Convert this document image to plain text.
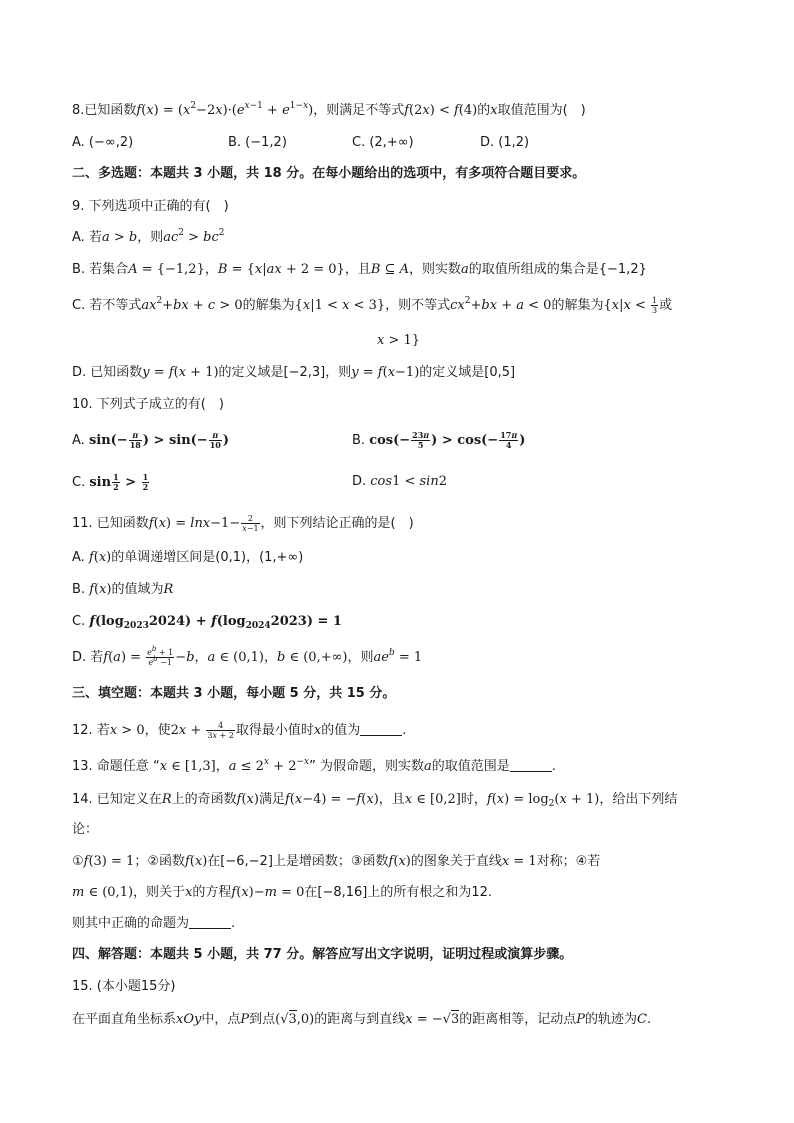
8.已知函数$f(x) = (x^2-2x)\cdot(e^{x-1} + e^{1-x})$，则满足不等式f(2x) < f(4)的x取值范围为(　)
A. (−∞,2)	B. (−1,2)	C. (2,+∞)	D. (1,2)
二、多选题：本题共 3 小题，共 18 分。在每小题给出的选项中，有多项符合题目要求。
9. 下列选项中正确的有(　)
A. 若a > b，则$ac^2 > bc^2$
B. 若集合A = {−1,2}，B = {x|ax + 2 = 0}，且B ⊆ A，则实数a的取值所组成的集合是{−1,2}
C. 若不等式$ax^2+bx + c > 0$的解集为{x|1 < x < 3}，则不等式$cx^2+bx + a < 0$的解集为{$x|x < \frac{1}{3}$ 或
x > 1}
D. 已知函数y = f(x + 1)的定义域是[−2,3]，则y = f(x−1)的定义域是[0,5]
10. 下列式子成立的有(　)
A. $\sin(- \frac{\pi}{18}$ ) > $\sin(- \frac{\pi}{10}$ )	B. $\cos(- \frac{23\pi}{5}$ ) > $\cos(- \frac{17\pi}{4}$ )
C. $\sin \frac{1}{2} > \frac{1}{2}$	D. cos1 < sin2
11. 已知函数$f(x) = \ln x-1- \frac{2}{x-1}$ ，则下列结论正确的是(　)
A. f(x)的单调递增区间是(0,1)，(1,+∞)
B. f(x)的值域为R
C. $f(\log_{2023}2024) + f(\log_{2024}2023) = 1$
D. 若$f(a) = \frac{e^b + 1}{e^b -1} -b$，a ∈ (0,1)，b ∈ (0,+∞)，则$ae^b = 1$
三、填空题：本题共 3 小题，每小题 5 分，共 15 分。
12. 若x > 0，使$2x + \frac{4}{3x + 2}$ 取得最小值时x的值为	.
13. 命题任意 “x ∈ [1,3]，$a \le 2^x + 2^{-x}$” 为假命题，则实数a的取值范围是	.
14. 已知定义在R上的奇函数f(x)满足f(x−4) = −f(x)，且x ∈ [0,2]时，$f(x) = \log_2(x + 1)$，给出下列结
论：
①f(3) = 1；②函数f(x)在[−6,−2]上是增函数；③函数f(x)的图象关于直线x = 1对称；④若
m ∈ (0,1)，则关于x的方程f(x)−m = 0在[−8,16]上的所有根之和为12.
则其中正确的命题为	.
四、解答题：本题共 5 小题，共 77 分。解答应写出文字说明，证明过程或演算步骤。
15. (本小题15分)
在平面直角坐标系xOy中，点P到点(√3,0)的距离与到直线x = −√3的距离相等，记动点P的轨迹为C.
